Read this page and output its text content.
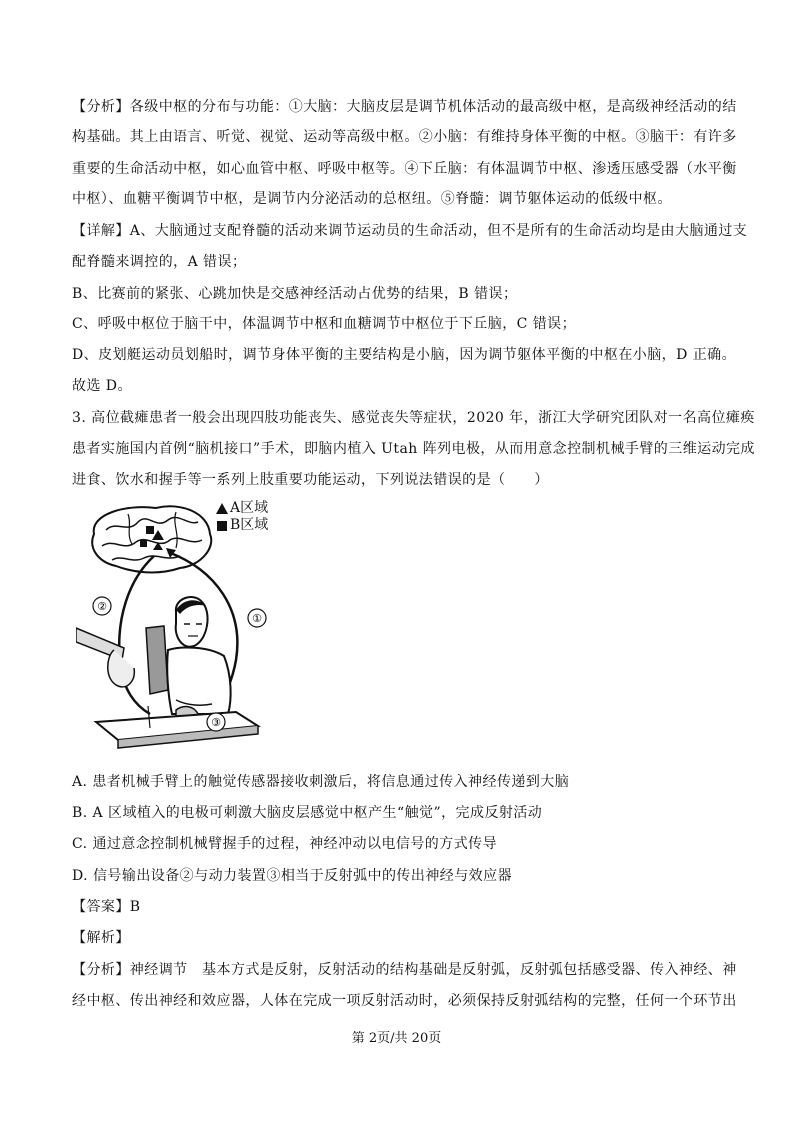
【分析】各级中枢的分布与功能：①大脑：大脑皮层是调节机体活动的最高级中枢，是高级神经活动的结
构基础。其上由语言、听觉、视觉、运动等高级中枢。②小脑：有维持身体平衡的中枢。③脑干：有许多
重要的生命活动中枢，如心血管中枢、呼吸中枢等。④下丘脑：有体温调节中枢、渗透压感受器（水平衡
中枢）、血糖平衡调节中枢，是调节内分泌活动的总枢纽。⑤脊髓：调节躯体运动的低级中枢。
【详解】A、大脑通过支配脊髓的活动来调节运动员的生命活动，但不是所有的生命活动均是由大脑通过支
配脊髓来调控的，A 错误；
B、比赛前的紧张、心跳加快是交感神经活动占优势的结果，B 错误；
C、呼吸中枢位于脑干中，体温调节中枢和血糖调节中枢位于下丘脑，C 错误；
D、皮划艇运动员划船时，调节身体平衡的主要结构是小脑，因为调节躯体平衡的中枢在小脑，D 正确。
故选 D。
3. 高位截瘫患者一般会出现四肢功能丧失、感觉丧失等症状，2020 年，浙江大学研究团队对一名高位瘫痪
患者实施国内首例“脑机接口”手术，即脑内植入 Utah 阵列电极，从而用意念控制机械手臂的三维运动完成
进食、饮水和握手等一系列上肢重要功能运动，下列说法错误的是（　　）
①
②
③
A区域
B区域
A. 患者机械手臂上的触觉传感器接收刺激后，将信息通过传入神经传递到大脑
B. A 区域植入的电极可刺激大脑皮层感觉中枢产生“触觉”，完成反射活动
C. 通过意念控制机械臂握手的过程，神经冲动以电信号的方式传导
D. 信号输出设备②与动力装置③相当于反射弧中的传出神经与效应器
【答案】B
【解析】
【分析】神经调节　基本方式是反射，反射活动的结构基础是反射弧，反射弧包括感受器、传入神经、神
经中枢、传出神经和效应器，人体在完成一项反射活动时，必须保持反射弧结构的完整，任何一个环节出
第 2页/共 20页
